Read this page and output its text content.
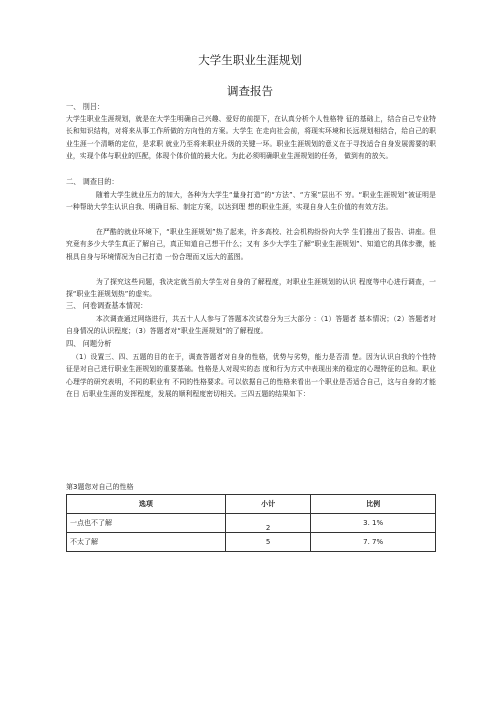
大学生职业生涯规划
调查报告
一、 刖吕：
大学生职业生涯规划，就是在大学生明确自己兴趣、爱好的前提下，在认真分析个人性格特 征的基础上，结合自己专业特长和知识结构，对将来从事工作所做的方向性的方案。大学生 在走向社会前，将现实环境和长远规划相结合，给自己的职业生涯一个清晰的定位，是求职 就业乃至将来职业升级的关键一环。职业生涯规划的意义在于寻找适合自身发展需要的职 业，实现个体与职业的匹配，体现个体价值的最大化。为此必须明确职业生涯规划的任务， 做到有的放矢。
二、 调查目的：
随着大学生就业压力的加大，各种为大学生“量身打造”的“方法”、“方案”层出不 穷。“职业生涯规划”被证明是一种帮助大学生认识自我、明确目标、制定方案，以达到理 想的职业生涯，实现自身人生价值的有效方法。
在严酷的就业环境下，“职业生涯规划”热了起来，许多高校、社会机构纷纷向大学 生们推出了报告、讲座。但究竟有多少大学生真正了解自己，真正知道自己想干什么；又有 多少大学生了解“职业生涯规划”、知道它的具体步骤，能根具自身与环境情况为自己打造 一份合理而又远大的蓝图。
为了探究这些问题，我决定就当前大学生对自身的了解程度，对职业生涯规划的认识 程度等中心进行调查，一探“职业生涯规划热”的虚实。
三、 问卷调查基本情况：
本次调查通过网络进行，共五十人人参与了答题本次试卷分为三大部分 ：（1）答题者 基本情况；（2）答题者对自身情况的认识程度；（3）答题者对“职业生涯规划”的了解程度。
四、 问题分析
（1）设置三、四、五题的目的在于，调查答题者对自身的性格，优势与劣势，能力是否清 楚。因为认识自我的个性特征是对自己进行职业生涯规划的重要基础。性格是人对现实的态 度和行为方式中表现出来的稳定的心理特征的总和。职业心理学的研究表明，不同的职业有 不同的性格要求。可以依据自己的性格来看出一个职业是否适合自己，这与自身的才能在日 后职业生涯的发挥程度，发展的顺利程度密切相关。三四五题的结果如下：
第3题您对自己的性格
选项	小计	比例
一点也不了解	2	3. 1%
不太了解	5	7. 7%
